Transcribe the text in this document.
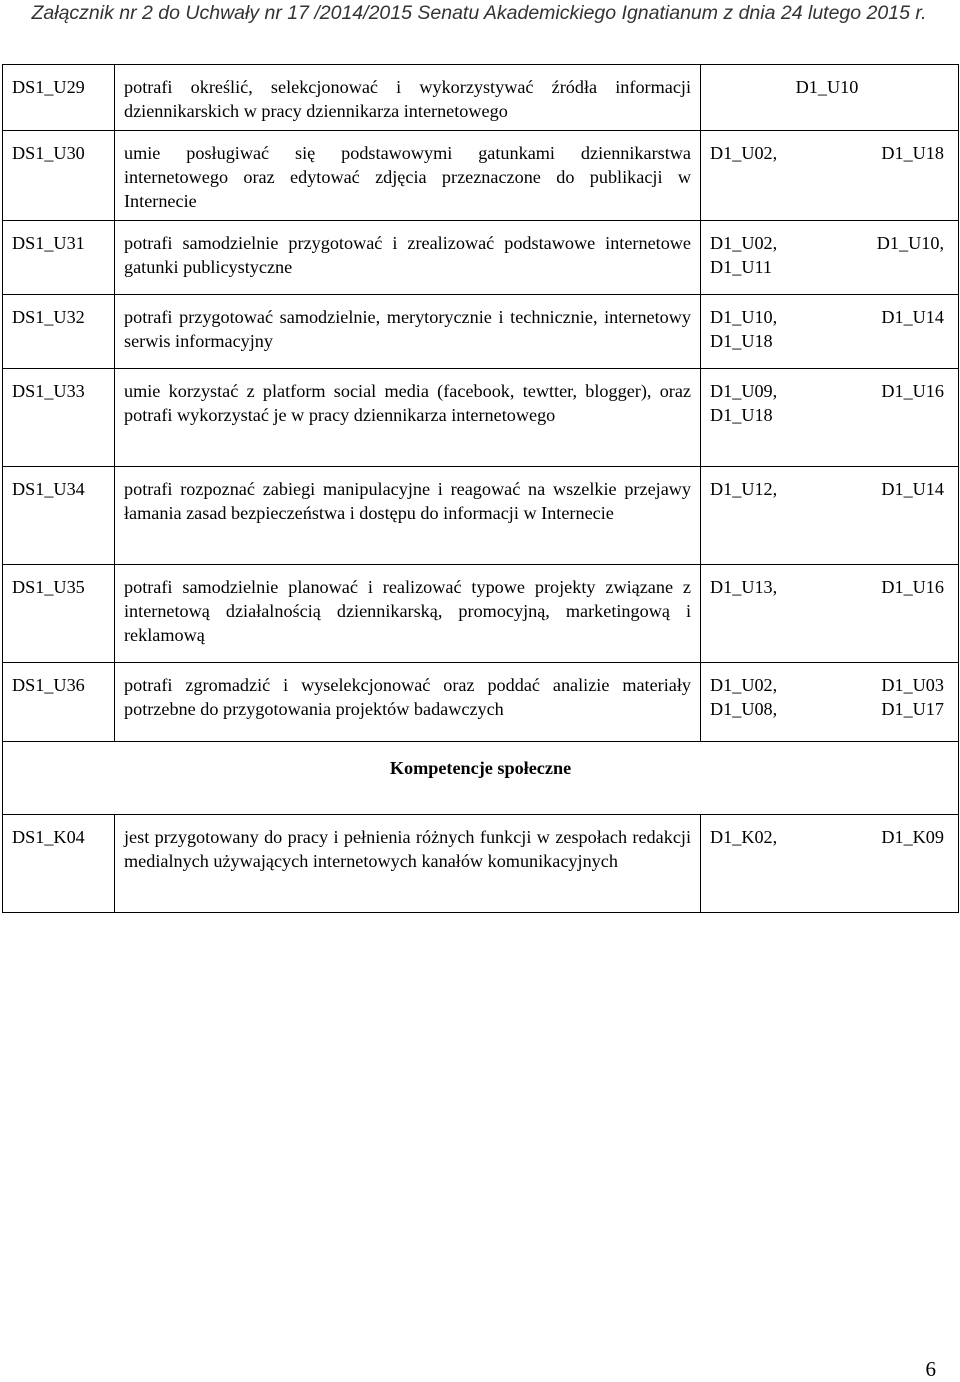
Załącznik nr 2 do Uchwały nr 17 /2014/2015 Senatu Akademickiego Ignatianum z dnia 24 lutego 2015 r.
DS1_U29	potrafi określić, selekcjonować i wykorzystywać źródła informacji dziennikarskich w pracy dziennikarza internetowego	D1_U10

DS1_U30	umie posługiwać się podstawowymi gatunkami dziennikarstwa internetowego oraz edytować zdjęcia przeznaczone do publikacji w Internecie	D1_U02, D1_U18

DS1_U31	potrafi samodzielnie przygotować i zrealizować podstawowe internetowe gatunki publicystyczne	D1_U02, D1_U10,
D1_U11

DS1_U32	potrafi przygotować samodzielnie, merytorycznie i technicznie, internetowy serwis informacyjny	D1_U10, D1_U14
D1_U18

DS1_U33	umie korzystać z platform social media (facebook, tewtter, blogger), oraz potrafi wykorzystać je w pracy dziennikarza internetowego	D1_U09, D1_U16
D1_U18

DS1_U34	potrafi rozpoznać zabiegi manipulacyjne i reagować na wszelkie przejawy łamania zasad bezpieczeństwa i dostępu do informacji w Internecie	D1_U12, D1_U14

DS1_U35	potrafi samodzielnie planować i realizować typowe projekty związane z internetową działalnością dziennikarską, promocyjną, marketingową i reklamową	D1_U13, D1_U16

DS1_U36	potrafi zgromadzić i wyselekcjonować oraz poddać analizie materiały potrzebne do przygotowania projektów badawczych	D1_U02, D1_U03
D1_U08, D1_U17

Kompetencje społeczne		
DS1_K04	jest przygotowany do pracy i pełnienia różnych funkcji w zespołach redakcji medialnych używających internetowych kanałów komunikacyjnych	D1_K02, D1_K09
6
